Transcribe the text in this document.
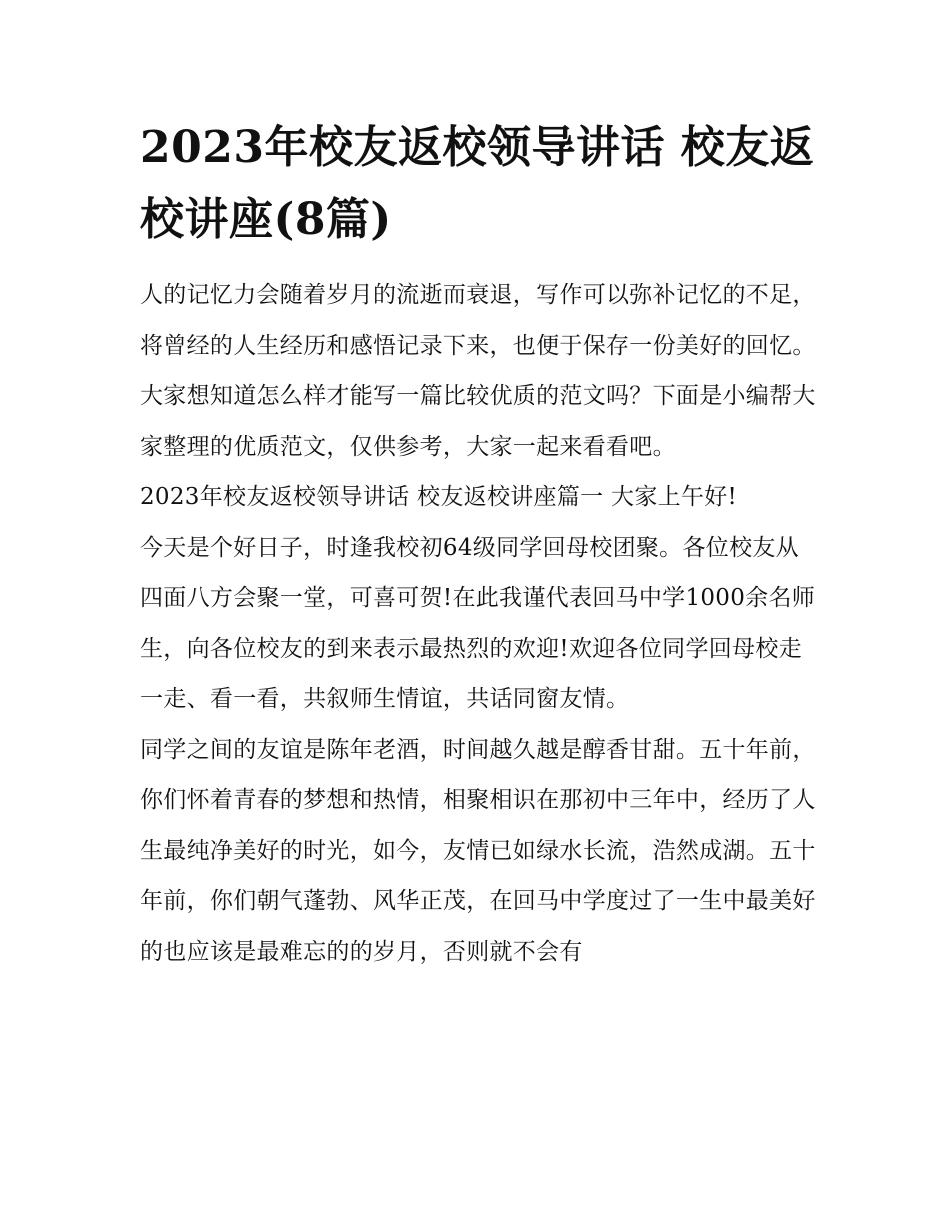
2023年校友返校领导讲话 校友返校讲座(8篇)

人的记忆力会随着岁月的流逝而衰退，写作可以弥补记忆的不足，将曾经的人生经历和感悟记录下来，也便于保存一份美好的回忆。大家想知道怎么样才能写一篇比较优质的范文吗？下面是小编帮大家整理的优质范文，仅供参考，大家一起来看看吧。

2023年校友返校领导讲话 校友返校讲座篇一 大家上午好!

今天是个好日子，时逢我校初64级同学回母校团聚。各位校友从四面八方会聚一堂，可喜可贺!在此我谨代表回马中学1000余名师生，向各位校友的到来表示最热烈的欢迎!欢迎各位同学回母校走一走、看一看，共叙师生情谊，共话同窗友情。

同学之间的友谊是陈年老酒，时间越久越是醇香甘甜。五十年前，你们怀着青春的梦想和热情，相聚相识在那初中三年中，经历了人生最纯净美好的时光，如今，友情已如绿水长流，浩然成湖。五十年前，你们朝气蓬勃、风华正茂，在回马中学度过了一生中最美好的也应该是最难忘的的岁月，否则就不会有
